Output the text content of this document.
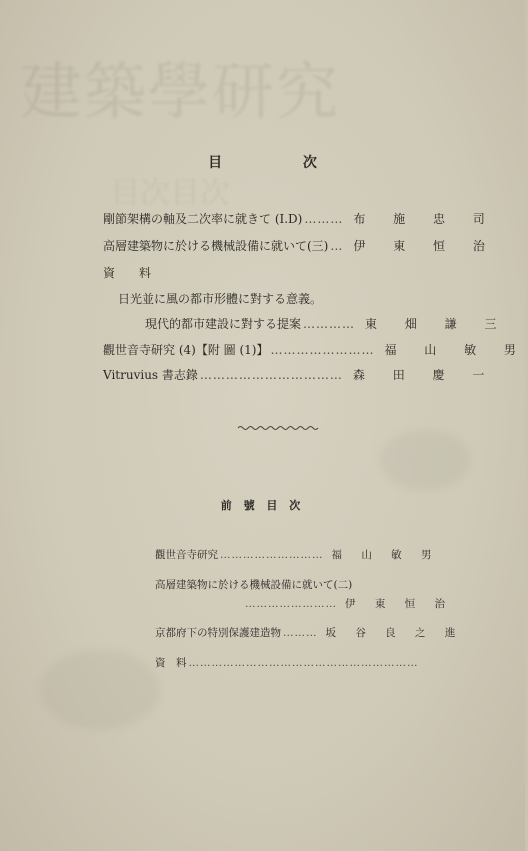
建築學研究
目次目次
目 次
剛節架構の軸及二次率に就きて (I.D) ……… 布 施 忠 司
高層建築物に於ける機械設備に就いて(三) … 伊 東 恒 治
資　　料
日光並に風の都市形體に對する意義。
現代的都市建設に對する提案 ………… 東 畑 謙 三
觀世音寺研究 (4)【附 圖 (1)】 …………………… 福 山 敏 男
Vitruvius 書志錄 …………………………… 森 田 慶 一
前 號 目 次
觀世音寺研究 ……………………… 福 山 敏 男
高層建築物に於ける機械設備に就いて(二)
…………………… 伊 東 恒 治
京都府下の特別保護建造物 ……… 坂 谷 良 之 進
資　料 ……………………………………………………
